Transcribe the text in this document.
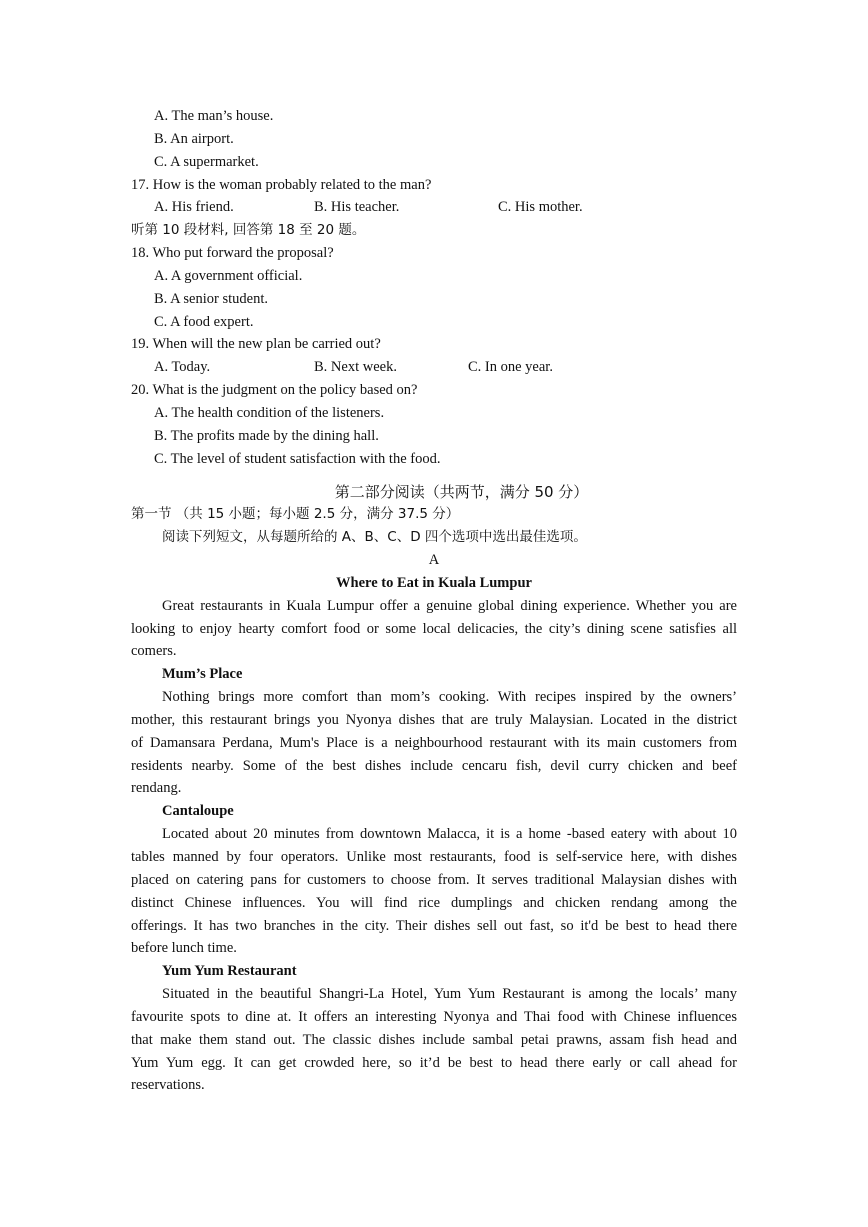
A. The man’s house.
B. An airport.
C. A supermarket.
17. How is the woman probably related to the man?
A. His friend.	B. His teacher.	C. His mother.
听第 10 段材料, 回答第 18 至 20 题。
18. Who put forward the proposal?
A. A government official.
B. A senior student.
C. A food expert.
19. When will the new plan be carried out?
A. Today.	B. Next week.	C. In one year.
20. What is the judgment on the policy based on?
A. The health condition of the listeners.
B. The profits made by the dining hall.
C. The level of student satisfaction with the food.
第二部分阅读（共两节，满分 50 分）
第一节 （共 15 小题；每小题 2.5 分，满分 37.5 分）
阅读下列短文，从每题所给的 A、B、C、D 四个选项中选出最佳选项。
A
Where to Eat in Kuala Lumpur
Great restaurants in Kuala Lumpur offer a genuine global dining experience. Whether you are
looking to enjoy hearty comfort food or some local delicacies, the city’s dining scene satisfies all
comers.
Mum’s Place
Nothing brings more comfort than mom’s cooking. With recipes inspired by the owners’
mother, this restaurant brings you Nyonya dishes that are truly Malaysian. Located in the district
of Damansara Perdana, Mum's Place is a neighbourhood restaurant with its main customers from
residents nearby. Some of the best dishes include cencaru fish, devil curry chicken and beef
rendang.
Cantaloupe
Located about 20 minutes from downtown Malacca, it is a home -based eatery with about 10
tables manned by four operators. Unlike most restaurants, food is self-service here, with dishes
placed on catering pans for customers to choose from. It serves traditional Malaysian dishes with
distinct Chinese influences. You will find rice dumplings and chicken rendang among the
offerings. It has two branches in the city. Their dishes sell out fast, so it'd be best to head there
before lunch time.
Yum Yum Restaurant
Situated in the beautiful Shangri-La Hotel, Yum Yum Restaurant is among the locals’ many
favourite spots to dine at. It offers an interesting Nyonya and Thai food with Chinese influences
that make them stand out. The classic dishes include sambal petai prawns, assam fish head and
Yum Yum egg. It can get crowded here, so it’d be best to head there early or call ahead for
reservations.
